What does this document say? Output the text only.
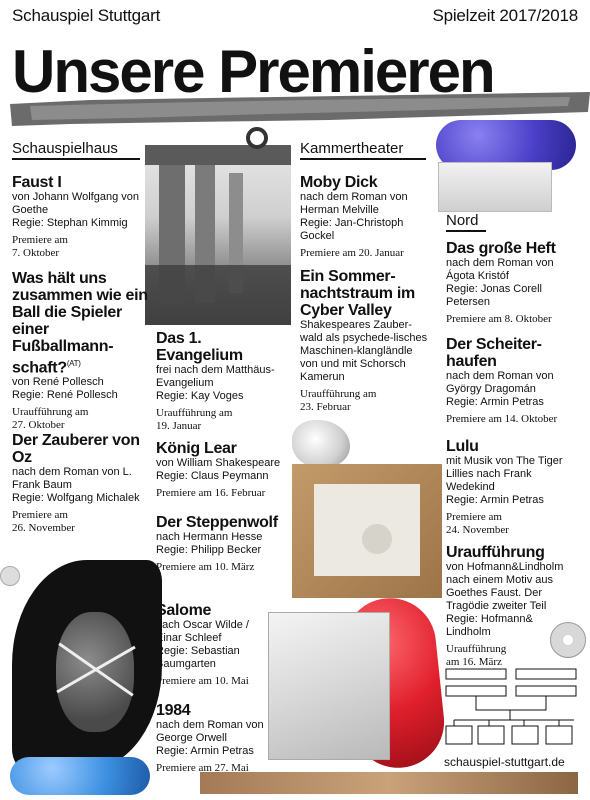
Schauspiel Stuttgart	Spielzeit 2017/2018
Unsere Premieren
Schauspielhaus	Kammertheater
Nord
Faust I
von Johann Wolfgang von Goethe
Regie: Stephan Kimmig
Premiere am
7. Oktober
Was hält uns zusammen wie ein Ball die Spieler einer Fußballmann-schaft?$^{(AT)}$
von René Pollesch
Regie: René Pollesch
Uraufführung am
27. Oktober
Der Zauberer von Oz
nach dem Roman von L. Frank Baum
Regie: Wolfgang Michalek
Premiere am
26. November
Das 1. Evangelium
frei nach dem Matthäus-Evangelium
Regie: Kay Voges
Uraufführung am
19. Januar
König Lear
von William Shakespeare
Regie: Claus Peymann
Premiere am 16. Februar
Der Steppenwolf
nach Hermann Hesse
Regie: Philipp Becker
Premiere am 10. März
Salome
nach Oscar Wilde / Einar Schleef
Regie: Sebastian Baumgarten
Premiere am 10. Mai
1984
nach dem Roman von George Orwell
Regie: Armin Petras
Premiere am 27. Mai
Moby Dick
nach dem Roman von Herman Melville
Regie: Jan-Christoph Gockel
Premiere am 20. Januar
Ein Sommer-nachtstraum im Cyber Valley
Shakespeares Zauber-wald als psychede-lisches Maschinen-klangländle von und mit Schorsch Kamerun
Uraufführung am
23. Februar
Das große Heft
nach dem Roman von Ágota Kristóf
Regie: Jonas Corell Petersen
Premiere am 8. Oktober
Der Scheiter-haufen
nach dem Roman von György Dragomán
Regie: Armin Petras
Premiere am 14. Oktober
Lulu
mit Musik von The Tiger Lillies nach Frank Wedekind
Regie: Armin Petras
Premiere am
24. November
Uraufführung
von Hofmann&Lindholm nach einem Motiv aus Goethes Faust. Der Tragödie zweiter Teil
Regie: Hofmann& Lindholm
Uraufführung
am 16. März
schauspiel-stuttgart.de
